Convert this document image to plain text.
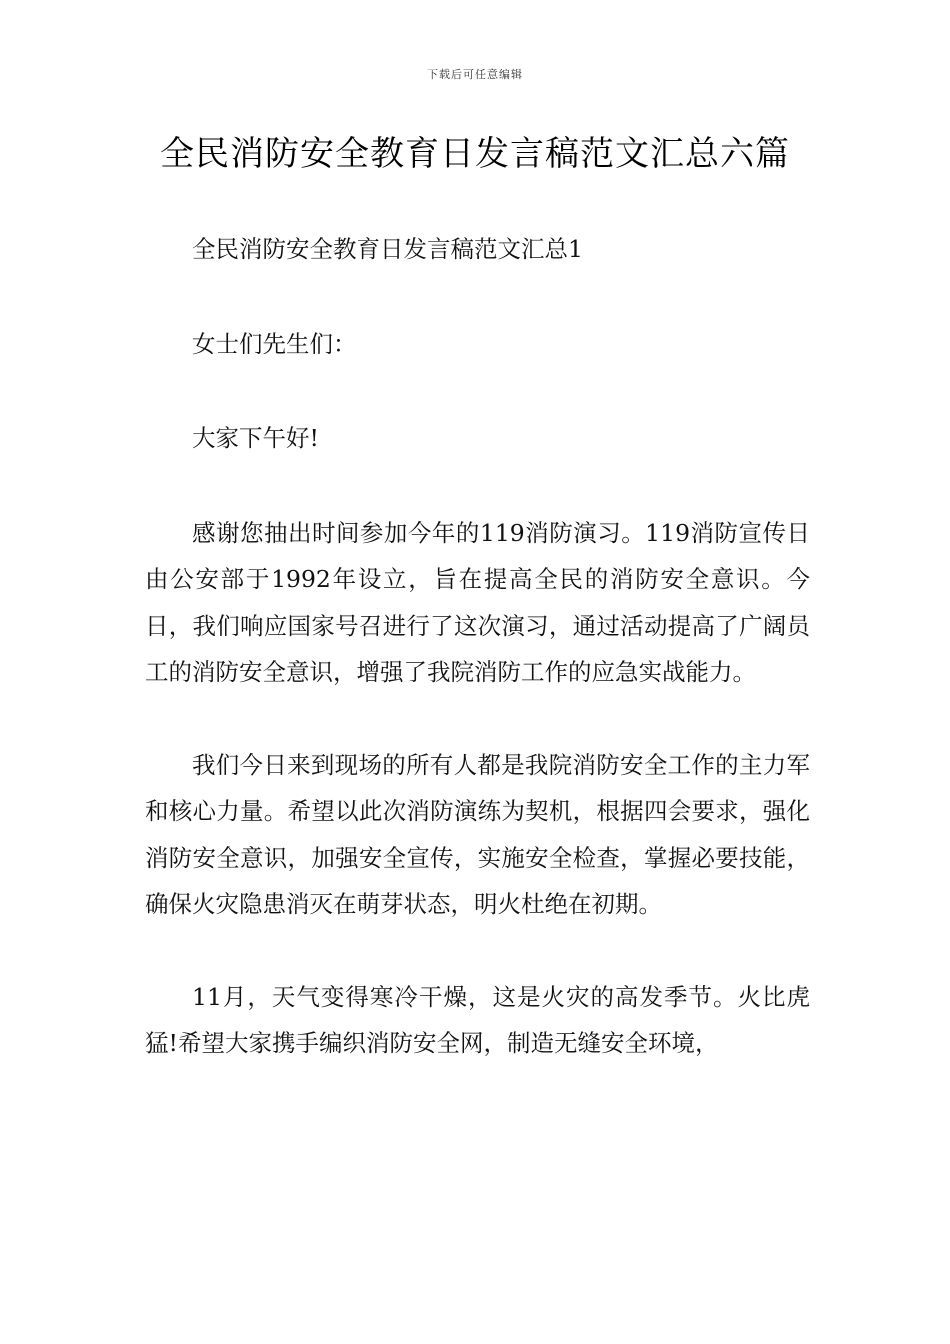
下载后可任意编辑
全民消防安全教育日发言稿范文汇总六篇

全民消防安全教育日发言稿范文汇总1

女士们先生们：

大家下午好!

感谢您抽出时间参加今年的119消防演习。119消防宣传日由公安部于1992年设立，旨在提高全民的消防安全意识。今日，我们响应国家号召进行了这次演习，通过活动提高了广阔员工的消防安全意识，增强了我院消防工作的应急实战能力。

我们今日来到现场的所有人都是我院消防安全工作的主力军和核心力量。希望以此次消防演练为契机，根据四会要求，强化消防安全意识，加强安全宣传，实施安全检查，掌握必要技能，确保火灾隐患消灭在萌芽状态，明火杜绝在初期。

11月，天气变得寒冷干燥，这是火灾的高发季节。火比虎猛!希望大家携手编织消防安全网，制造无缝安全环境，
